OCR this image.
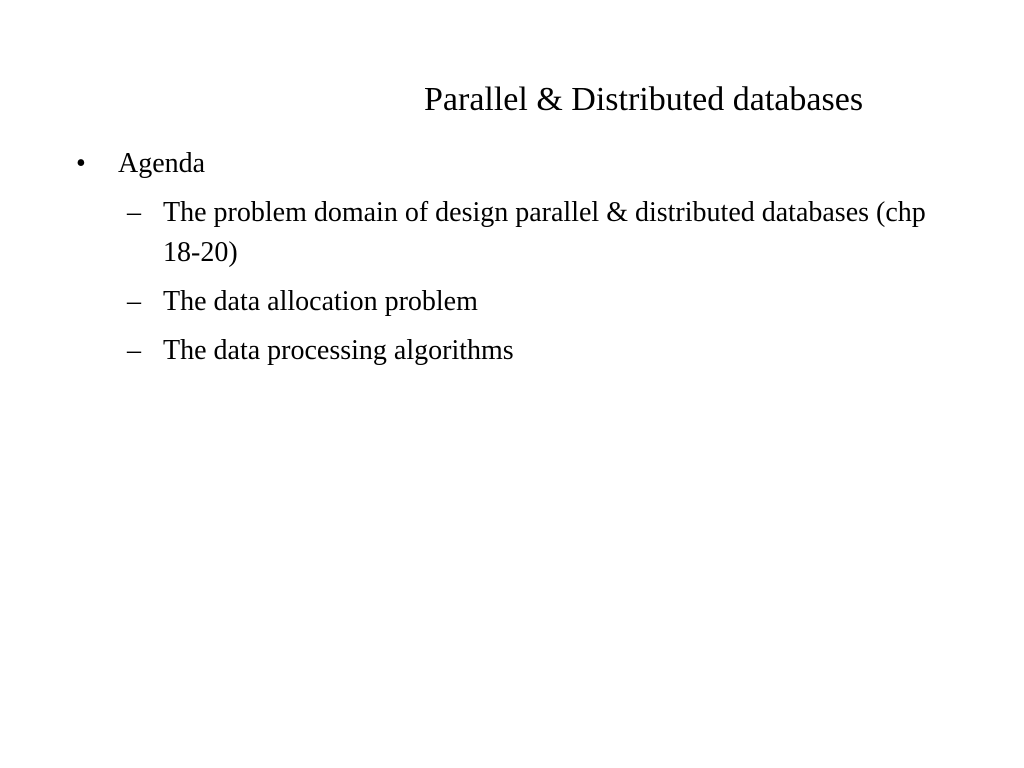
Parallel & Distributed databases
• Agenda
– The problem domain of design parallel & distributed databases (chp 18-20)
– The data allocation problem
– The data processing algorithms
